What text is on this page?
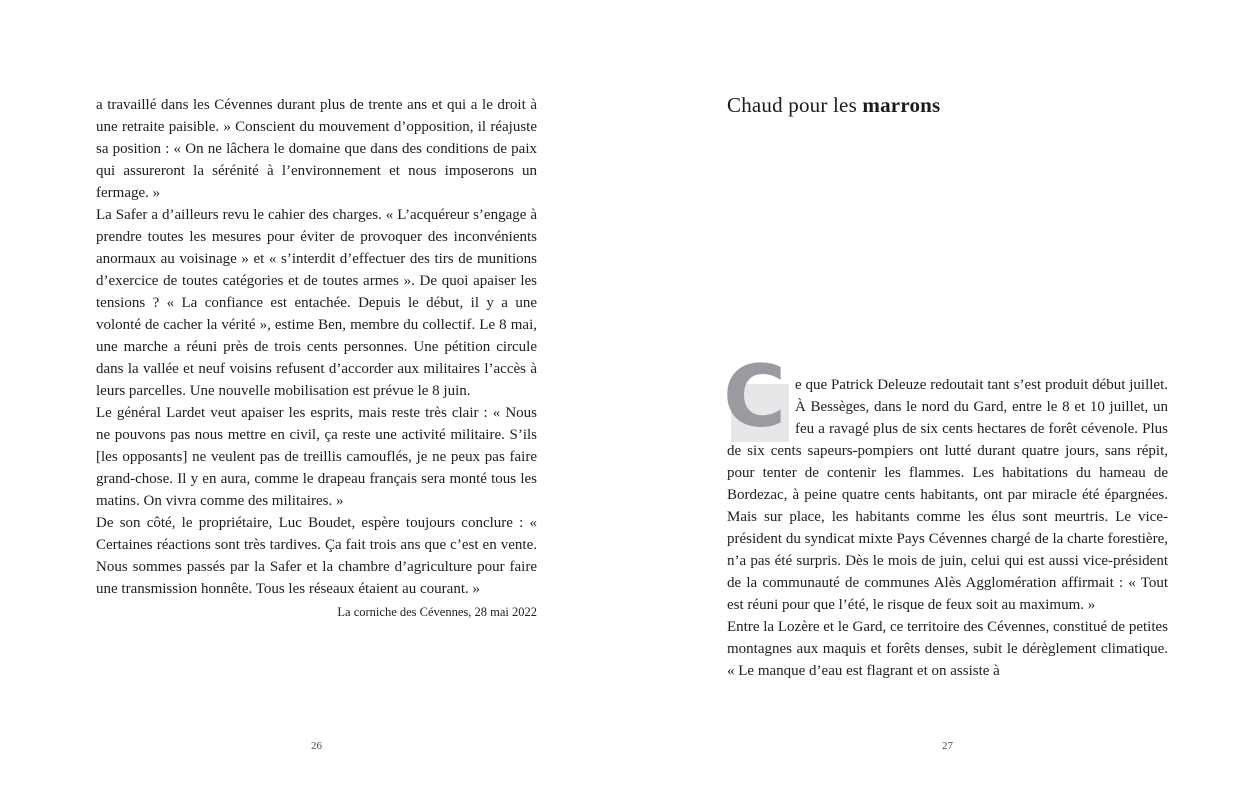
a travaillé dans les Cévennes durant plus de trente ans et qui a le droit à une retraite paisible. » Conscient du mouvement d’opposition, il réajuste sa position : « On ne lâchera le domaine que dans des conditions de paix qui assureront la sérénité à l’environnement et nous imposerons un fermage. »

La Safer a d’ailleurs revu le cahier des charges. « L’acquéreur s’engage à prendre toutes les mesures pour éviter de provoquer des inconvénients anormaux au voisinage » et « s’interdit d’effectuer des tirs de munitions d’exercice de toutes catégories et de toutes armes ». De quoi apaiser les tensions ? « La confiance est entachée. Depuis le début, il y a une volonté de cacher la vérité », estime Ben, membre du collectif. Le 8 mai, une marche a réuni près de trois cents personnes. Une pétition circule dans la vallée et neuf voisins refusent d’accorder aux militaires l’accès à leurs parcelles. Une nouvelle mobilisation est prévue le 8 juin.

Le général Lardet veut apaiser les esprits, mais reste très clair : « Nous ne pouvons pas nous mettre en civil, ça reste une activité militaire. S’ils [les opposants] ne veulent pas de treillis camouflés, je ne peux pas faire grand-chose. Il y en aura, comme le drapeau français sera monté tous les matins. On vivra comme des militaires. »

De son côté, le propriétaire, Luc Boudet, espère toujours conclure : « Certaines réactions sont très tardives. Ça fait trois ans que c’est en vente. Nous sommes passés par la Safer et la chambre d’agriculture pour faire une transmission honnête. Tous les réseaux étaient au courant. »

La corniche des Cévennes, 28 mai 2022
26
Chaud pour les marrons

C e que Patrick Deleuze redoutait tant s’est produit début juillet. À Bessèges, dans le nord du Gard, entre le 8 et 10 juillet, un feu a ravagé plus de six cents hectares de forêt cévenole. Plus de six cents sapeurs-pompiers ont lutté durant quatre jours, sans répit, pour tenter de contenir les flammes. Les habitations du hameau de Bordezac, à peine quatre cents habitants, ont par miracle été épargnées. Mais sur place, les habitants comme les élus sont meurtris. Le vice-président du syndicat mixte Pays Cévennes chargé de la charte forestière, n’a pas été surpris. Dès le mois de juin, celui qui est aussi vice-président de la communauté de communes Alès Agglomération affirmait : « Tout est réuni pour que l’été, le risque de feux soit au maximum. »

Entre la Lozère et le Gard, ce territoire des Cévennes, constitué de petites montagnes aux maquis et forêts denses, subit le dérèglement climatique. « Le manque d’eau est flagrant et on assiste à

27
